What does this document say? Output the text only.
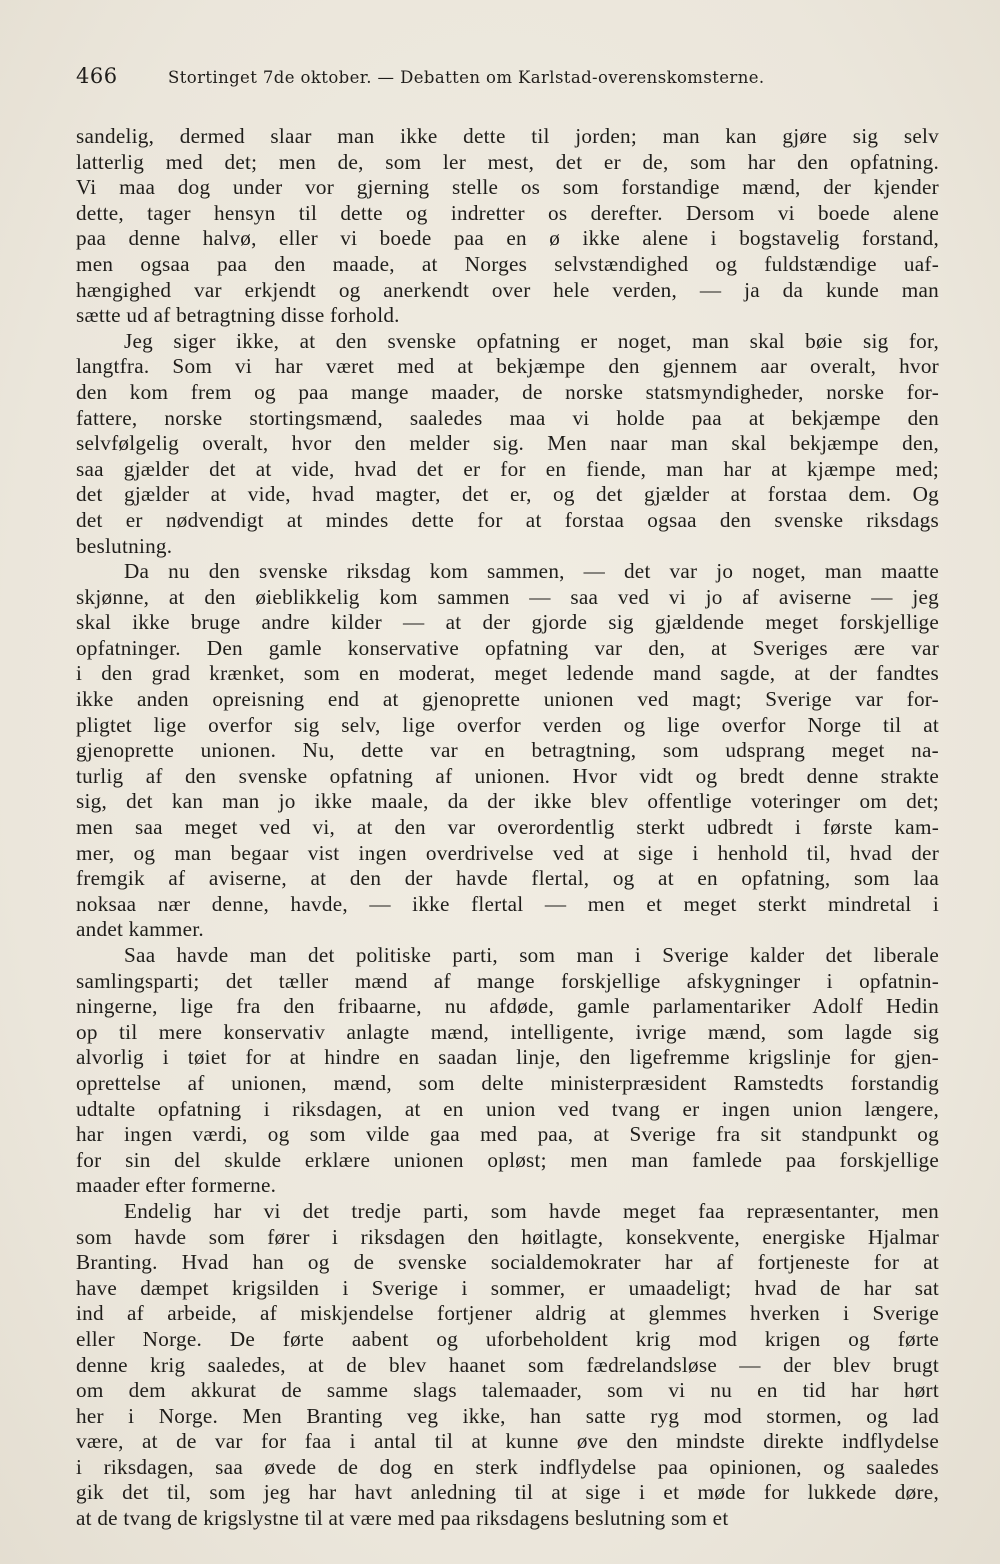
466	Stortinget 7de oktober. — Debatten om Karlstad-overenskomsterne.
sandelig, dermed slaar man ikke dette til jorden; man kan gjøre sig selv
latterlig med det; men de, som ler mest, det er de, som har den opfatning.
Vi maa dog under vor gjerning stelle os som forstandige mænd, der kjender
dette, tager hensyn til dette og indretter os derefter. Dersom vi boede alene
paa denne halvø, eller vi boede paa en ø ikke alene i bogstavelig forstand,
men ogsaa paa den maade, at Norges selvstændighed og fuldstændige uaf-
hængighed var erkjendt og anerkendt over hele verden, — ja da kunde man
sætte ud af betragtning disse forhold.
Jeg siger ikke, at den svenske opfatning er noget, man skal bøie sig for,
langtfra. Som vi har været med at bekjæmpe den gjennem aar overalt, hvor
den kom frem og paa mange maader, de norske statsmyndigheder, norske for-
fattere, norske stortingsmænd, saaledes maa vi holde paa at bekjæmpe den
selvfølgelig overalt, hvor den melder sig. Men naar man skal bekjæmpe den,
saa gjælder det at vide, hvad det er for en fiende, man har at kjæmpe med;
det gjælder at vide, hvad magter, det er, og det gjælder at forstaa dem. Og
det er nødvendigt at mindes dette for at forstaa ogsaa den svenske riksdags
beslutning.
Da nu den svenske riksdag kom sammen, — det var jo noget, man maatte
skjønne, at den øieblikkelig kom sammen — saa ved vi jo af aviserne — jeg
skal ikke bruge andre kilder — at der gjorde sig gjældende meget forskjellige
opfatninger. Den gamle konservative opfatning var den, at Sveriges ære var
i den grad krænket, som en moderat, meget ledende mand sagde, at der fandtes
ikke anden opreisning end at gjenoprette unionen ved magt; Sverige var for-
pligtet lige overfor sig selv, lige overfor verden og lige overfor Norge til at
gjenoprette unionen. Nu, dette var en betragtning, som udsprang meget na-
turlig af den svenske opfatning af unionen. Hvor vidt og bredt denne strakte
sig, det kan man jo ikke maale, da der ikke blev offentlige voteringer om det;
men saa meget ved vi, at den var overordentlig sterkt udbredt i første kam-
mer, og man begaar vist ingen overdrivelse ved at sige i henhold til, hvad der
fremgik af aviserne, at den der havde flertal, og at en opfatning, som laa
noksaa nær denne, havde, — ikke flertal — men et meget sterkt mindretal i
andet kammer.
Saa havde man det politiske parti, som man i Sverige kalder det liberale
samlingsparti; det tæller mænd af mange forskjellige afskygninger i opfatnin-
ningerne, lige fra den fribaarne, nu afdøde, gamle parlamentariker Adolf Hedin
op til mere konservativ anlagte mænd, intelligente, ivrige mænd, som lagde sig
alvorlig i tøiet for at hindre en saadan linje, den ligefremme krigslinje for gjen-
oprettelse af unionen, mænd, som delte ministerpræsident Ramstedts forstandig
udtalte opfatning i riksdagen, at en union ved tvang er ingen union længere,
har ingen værdi, og som vilde gaa med paa, at Sverige fra sit standpunkt og
for sin del skulde erklære unionen opløst; men man famlede paa forskjellige
maader efter formerne.
Endelig har vi det tredje parti, som havde meget faa repræsentanter, men
som havde som fører i riksdagen den høitlagte, konsekvente, energiske Hjalmar
Branting. Hvad han og de svenske socialdemokrater har af fortjeneste for at
have dæmpet krigsilden i Sverige i sommer, er umaadeligt; hvad de har sat
ind af arbeide, af miskjendelse fortjener aldrig at glemmes hverken i Sverige
eller Norge. De førte aabent og uforbeholdent krig mod krigen og førte
denne krig saaledes, at de blev haanet som fædrelandsløse — der blev brugt
om dem akkurat de samme slags talemaader, som vi nu en tid har hørt
her i Norge. Men Branting veg ikke, han satte ryg mod stormen, og lad
være, at de var for faa i antal til at kunne øve den mindste direkte indflydelse
i riksdagen, saa øvede de dog en sterk indflydelse paa opinionen, og saaledes
gik det til, som jeg har havt anledning til at sige i et møde for lukkede døre,
at de tvang de krigslystne til at være med paa riksdagens beslutning som et
